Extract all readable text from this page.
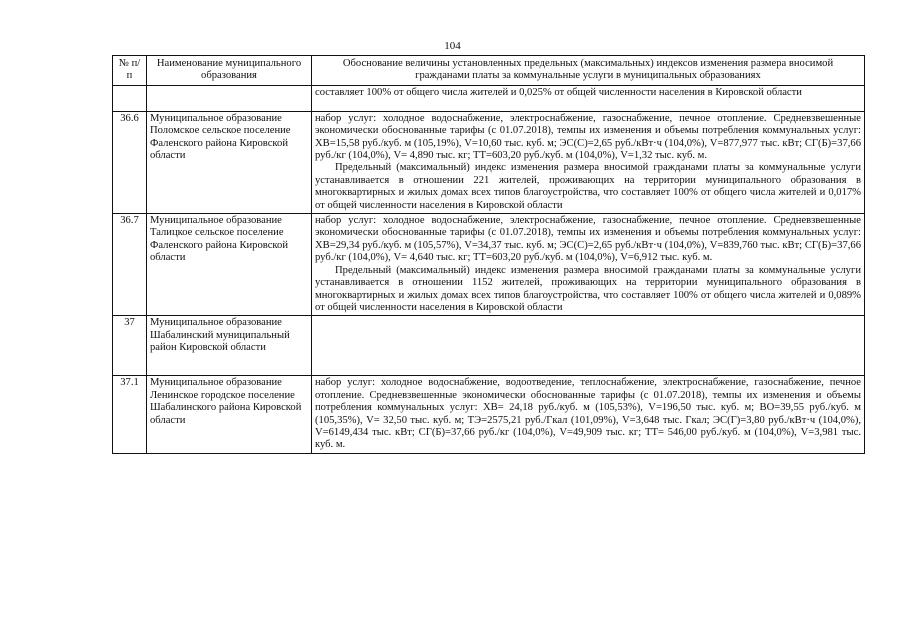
104
№ п/п	Наименование муниципального образования	Обоснование величины установленных предельных (максимальных) индексов изменения размера вносимой гражданами платы за коммунальные услуги в муниципальных образованиях

		составляет 100% от общего числа жителей и 0,025% от общей численности населения в Кировской области

36.6	Муниципальное образование Поломское сельское поселение Фаленского района Кировской области	набор услуг: холодное водоснабжение, электроснабжение, газоснабжение, печное отопление. Средневзвешенные экономически обоснованные тарифы (с 01.07.2018), темпы их изменения и объемы потребления коммунальных услуг: ХВ=15,58 руб./куб. м (105,19%), V=10,60 тыс. куб. м; ЭС(С)=2,65 руб./кВт·ч (104,0%), V=877,977 тыс. кВт; СГ(Б)=37,66 руб./кг (104,0%), V= 4,890 тыс. кг; ТТ=603,20 руб./куб. м (104,0%), V=1,32 тыс. куб. м.

Предельный (максимальный) индекс изменения размера вносимой гражданами платы за коммунальные услуги устанавливается в отношении 221 жителей, проживающих на территории муниципального образования в многоквартирных и жилых домах всех типов благоустройства, что составляет 100% от общего числа жителей и 0,017% от общей численности населения в Кировской области

36.7	Муниципальное образование Талицкое сельское поселение Фаленского района Кировской области	набор услуг: холодное водоснабжение, электроснабжение, газоснабжение, печное отопление. Средневзвешенные экономически обоснованные тарифы (с 01.07.2018), темпы их изменения и объемы потребления коммунальных услуг: ХВ=29,34 руб./куб. м (105,57%), V=34,37 тыс. куб. м; ЭС(С)=2,65 руб./кВт·ч (104,0%), V=839,760 тыс. кВт; СГ(Б)=37,66 руб./кг (104,0%), V= 4,640 тыс. кг; ТТ=603,20 руб./куб. м (104,0%), V=6,912 тыс. куб. м.

Предельный (максимальный) индекс изменения размера вносимой гражданами платы за коммунальные услуги устанавливается в отношении 1152 жителей, проживающих на территории муниципального образования в многоквартирных и жилых домах всех типов благоустройства, что составляет 100% от общего числа жителей и 0,089% от общей численности населения в Кировской области

37	Муниципальное образование Шабалинский муниципальный район Кировской области	
37.1	Муниципальное образование Ленинское городское поселение Шабалинского района Кировской области	набор услуг: холодное водоснабжение, водоотведение, теплоснабжение, электроснабжение, газоснабжение, печное отопление. Средневзвешенные экономически обоснованные тарифы (с 01.07.2018), темпы их изменения и объемы потребления коммунальных услуг: ХВ= 24,18 руб./куб. м (105,53%), V=196,50 тыс. куб. м; ВО=39,55 руб./куб. м (105,35%), V= 32,50 тыс. куб. м; ТЭ=2575,21 руб./Гкал (101,09%), V=3,648 тыс. Гкал; ЭС(Г)=3,80 руб./кВт·ч (104,0%), V=6149,434 тыс. кВт; СГ(Б)=37,66 руб./кг (104,0%), V=49,909 тыс. кг; ТТ= 546,00 руб./куб. м (104,0%), V=3,981 тыс. куб. м.
